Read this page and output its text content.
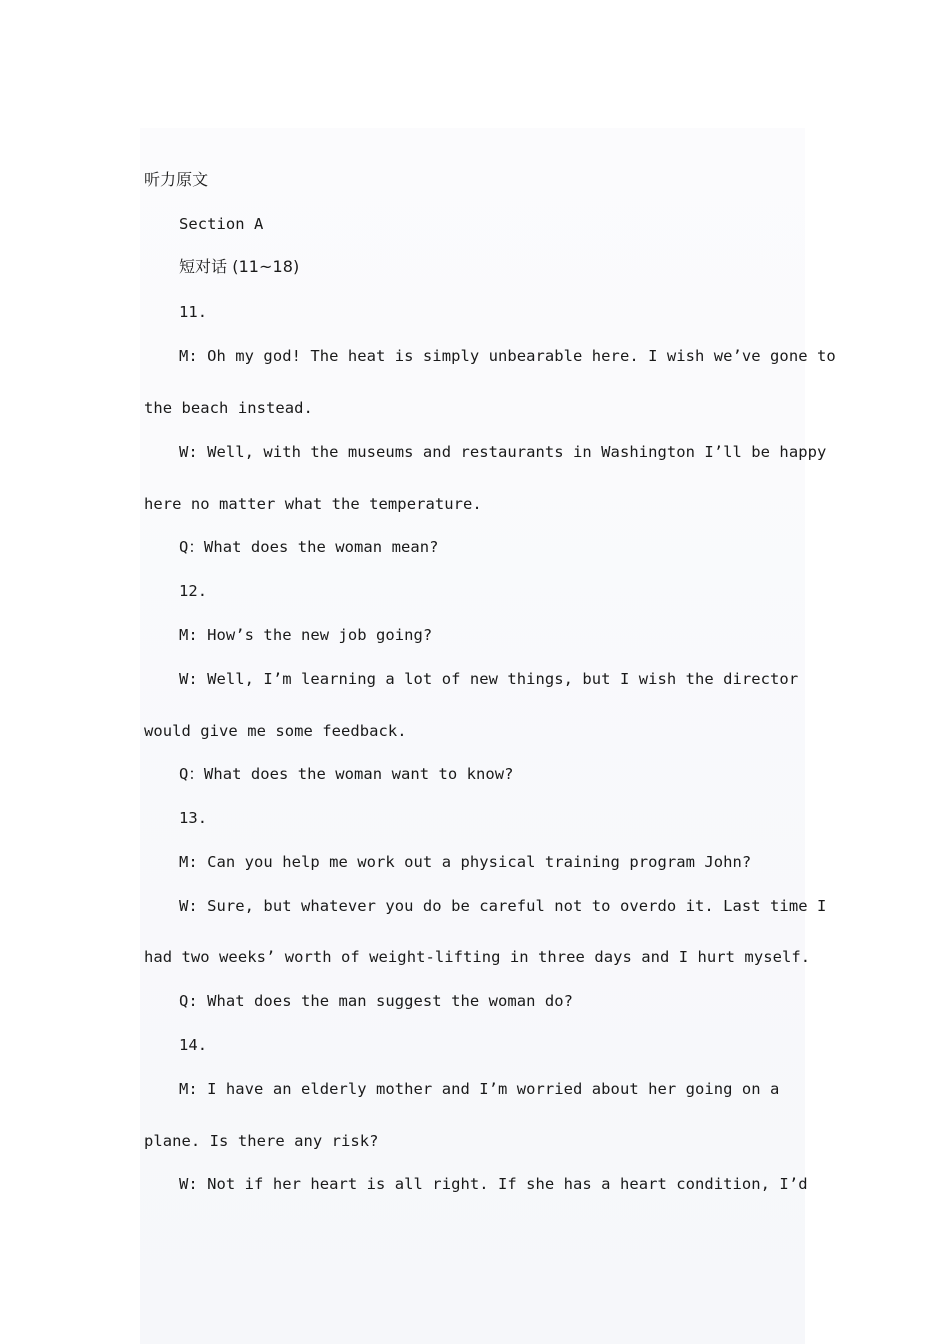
听力原文
Section A
短对话 (11~18)
11.
M: Oh my god! The heat is simply unbearable here. I wish we’ve gone to
the beach instead.
W: Well, with the museums and restaurants in Washington I’ll be happy
here no matter what the temperature.
Q：What does the woman mean?
12.
M: How’s the new job going?
W: Well, I’m learning a lot of new things, but I wish the director
would give me some feedback.
Q：What does the woman want to know?
13.
M: Can you help me work out a physical training program John?
W: Sure, but whatever you do be careful not to overdo it. Last time I
had two weeks’ worth of weight-lifting in three days and I hurt myself.
Q: What does the man suggest the woman do?
14.
M: I have an elderly mother and I’m worried about her going on a
plane. Is there any risk?
W: Not if her heart is all right. If she has a heart condition, I’d
